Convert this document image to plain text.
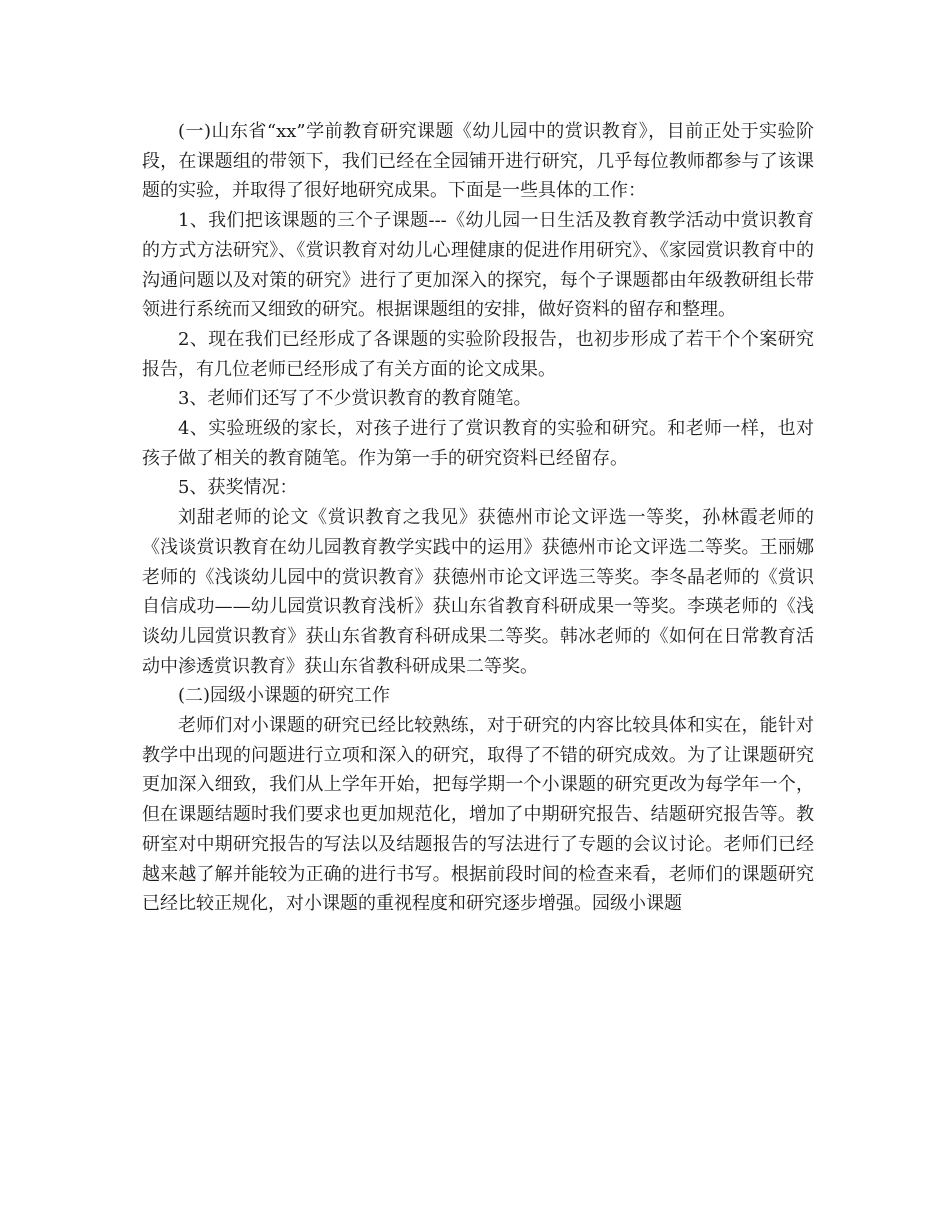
(一)山东省“xx”学前教育研究课题《幼儿园中的赏识教育》，目前正处于实验阶段，在课题组的带领下，我们已经在全园铺开进行研究，几乎每位教师都参与了该课题的实验，并取得了很好地研究成果。下面是一些具体的工作：

1、我们把该课题的三个子课题---《幼儿园一日生活及教育教学活动中赏识教育的方式方法研究》、《赏识教育对幼儿心理健康的促进作用研究》、《家园赏识教育中的沟通问题以及对策的研究》进行了更加深入的探究，每个子课题都由年级教研组长带领进行系统而又细致的研究。根据课题组的安排，做好资料的留存和整理。

2、现在我们已经形成了各课题的实验阶段报告，也初步形成了若干个个案研究报告，有几位老师已经形成了有关方面的论文成果。

3、老师们还写了不少赏识教育的教育随笔。

4、实验班级的家长，对孩子进行了赏识教育的实验和研究。和老师一样，也对孩子做了相关的教育随笔。作为第一手的研究资料已经留存。

5、获奖情况：

刘甜老师的论文《赏识教育之我见》获德州市论文评选一等奖，孙林霞老师的《浅谈赏识教育在幼儿园教育教学实践中的运用》获德州市论文评选二等奖。王丽娜老师的《浅谈幼儿园中的赏识教育》获德州市论文评选三等奖。李冬晶老师的《赏识自信成功——幼儿园赏识教育浅析》获山东省教育科研成果一等奖。李瑛老师的《浅谈幼儿园赏识教育》获山东省教育科研成果二等奖。韩冰老师的《如何在日常教育活动中渗透赏识教育》获山东省教科研成果二等奖。

(二)园级小课题的研究工作

老师们对小课题的研究已经比较熟练，对于研究的内容比较具体和实在，能针对教学中出现的问题进行立项和深入的研究，取得了不错的研究成效。为了让课题研究更加深入细致，我们从上学年开始，把每学期一个小课题的研究更改为每学年一个，但在课题结题时我们要求也更加规范化，增加了中期研究报告、结题研究报告等。教研室对中期研究报告的写法以及结题报告的写法进行了专题的会议讨论。老师们已经越来越了解并能较为正确的进行书写。根据前段时间的检查来看，老师们的课题研究已经比较正规化，对小课题的重视程度和研究逐步增强。园级小课题
